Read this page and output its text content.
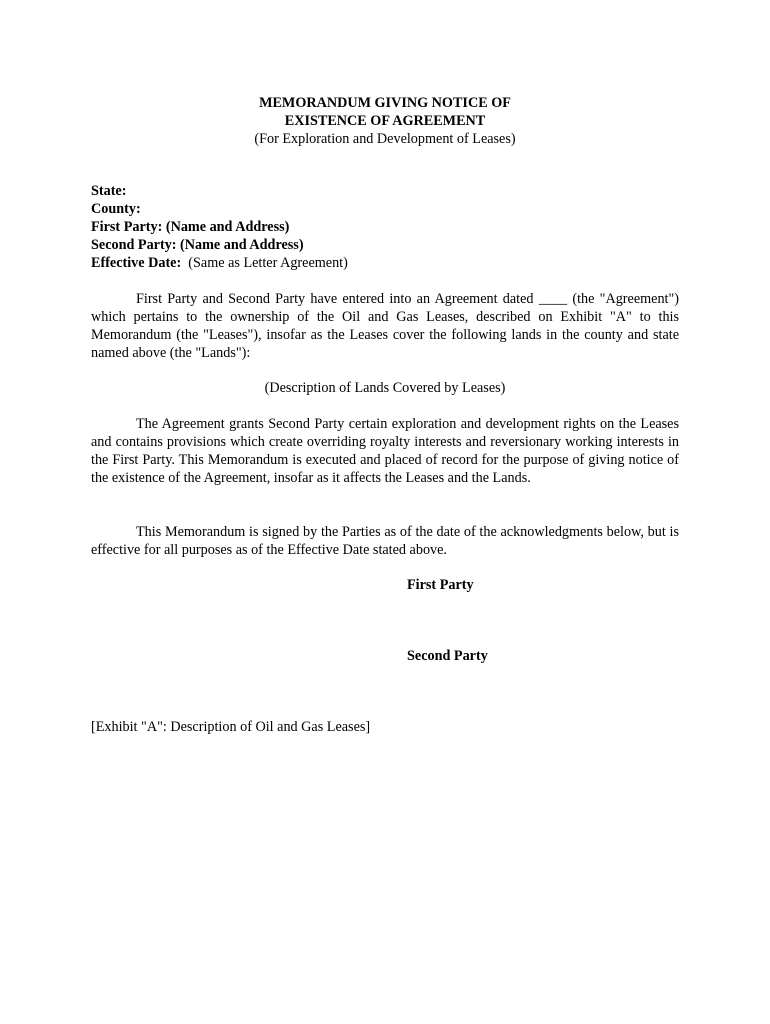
MEMORANDUM GIVING NOTICE OF
EXISTENCE OF AGREEMENT
(For Exploration and Development of Leases)
State:
County:
First Party: (Name and Address)
Second Party: (Name and Address)
Effective Date: (Same as Letter Agreement)

First Party and Second Party have entered into an Agreement dated ____ (the "Agreement") which pertains to the ownership of the Oil and Gas Leases, described on Exhibit "A" to this Memorandum (the "Leases"), insofar as the Leases cover the following lands in the county and state named above (the "Lands"):

(Description of Lands Covered by Leases)

The Agreement grants Second Party certain exploration and development rights on the Leases and contains provisions which create overriding royalty interests and reversionary working interests in the First Party. This Memorandum is executed and placed of record for the purpose of giving notice of the existence of the Agreement, insofar as it affects the Leases and the Lands.

This Memorandum is signed by the Parties as of the date of the acknowledgments below, but is effective for all purposes as of the Effective Date stated above.

First Party
Second Party
[Exhibit "A": Description of Oil and Gas Leases]
